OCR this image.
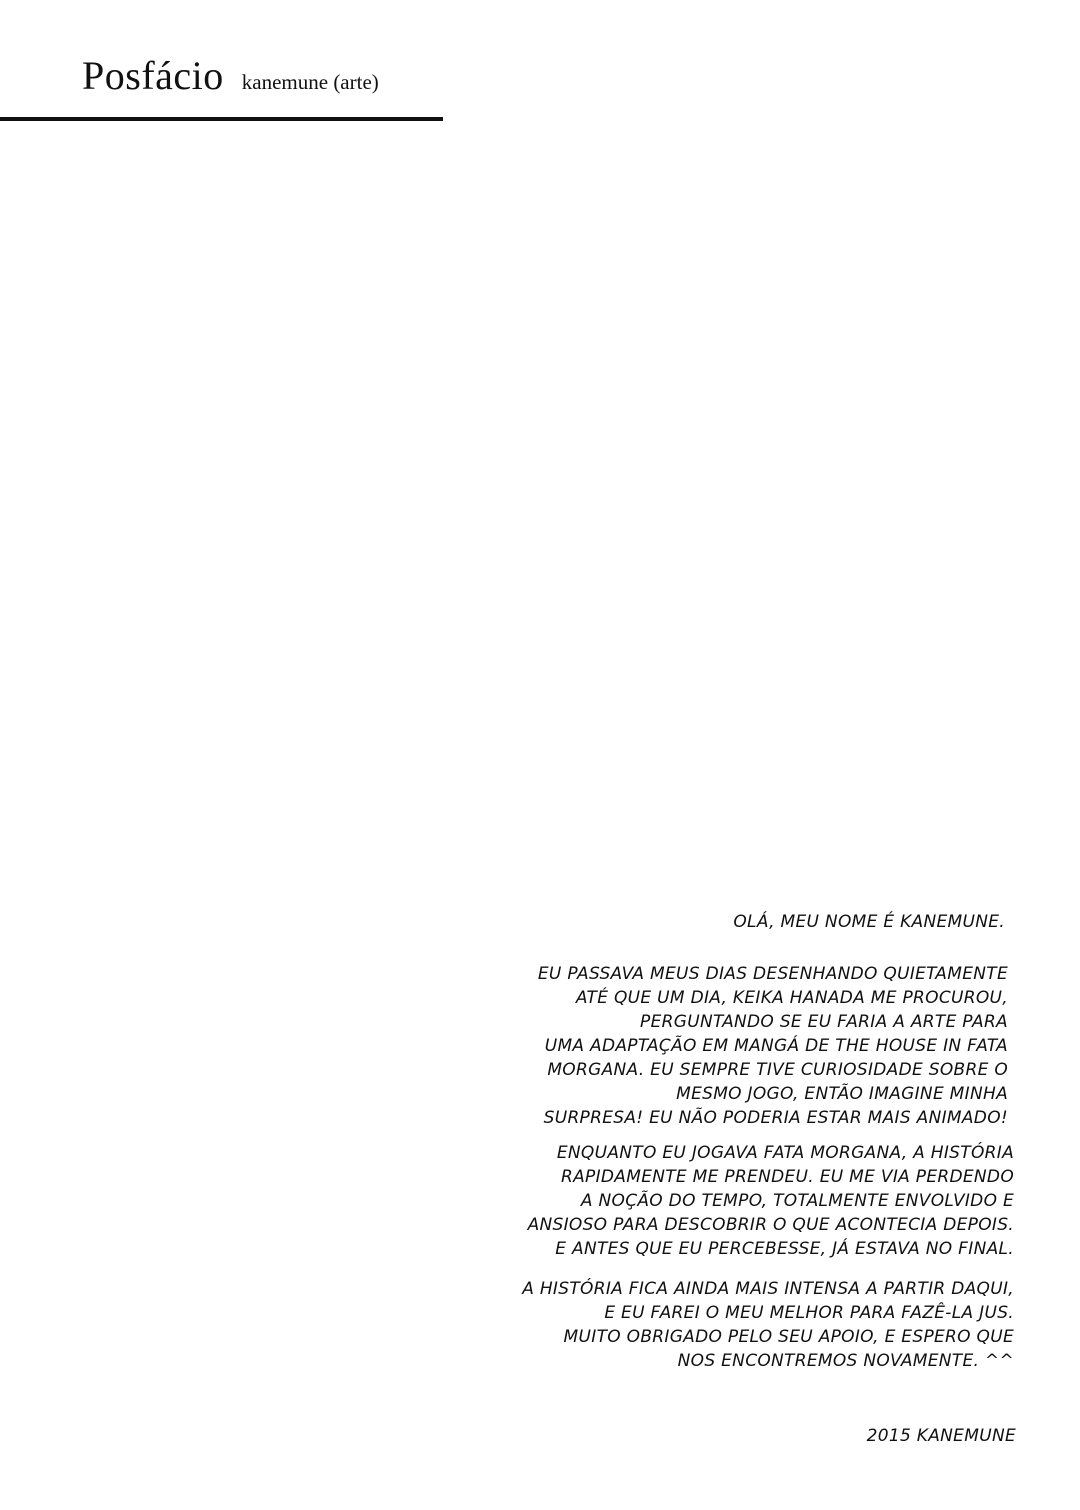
Posfácio kanemune (arte)
OLÁ, MEU NOME É KANEMUNE.
EU PASSAVA MEUS DIAS DESENHANDO QUIETAMENTE
ATÉ QUE UM DIA, KEIKA HANADA ME PROCUROU,
PERGUNTANDO SE EU FARIA A ARTE PARA
UMA ADAPTAÇÃO EM MANGÁ DE THE HOUSE IN FATA
MORGANA. EU SEMPRE TIVE CURIOSIDADE SOBRE O
MESMO JOGO, ENTÃO IMAGINE MINHA
SURPRESA! EU NÃO PODERIA ESTAR MAIS ANIMADO!
ENQUANTO EU JOGAVA FATA MORGANA, A HISTÓRIA
RAPIDAMENTE ME PRENDEU. EU ME VIA PERDENDO
A NOÇÃO DO TEMPO, TOTALMENTE ENVOLVIDO E
ANSIOSO PARA DESCOBRIR O QUE ACONTECIA DEPOIS.
E ANTES QUE EU PERCEBESSE, JÁ ESTAVA NO FINAL.
A HISTÓRIA FICA AINDA MAIS INTENSA A PARTIR DAQUI,
E EU FAREI O MEU MELHOR PARA FAZÊ-LA JUS.
MUITO OBRIGADO PELO SEU APOIO, E ESPERO QUE
NOS ENCONTREMOS NOVAMENTE. ^^
2015 KANEMUNE
